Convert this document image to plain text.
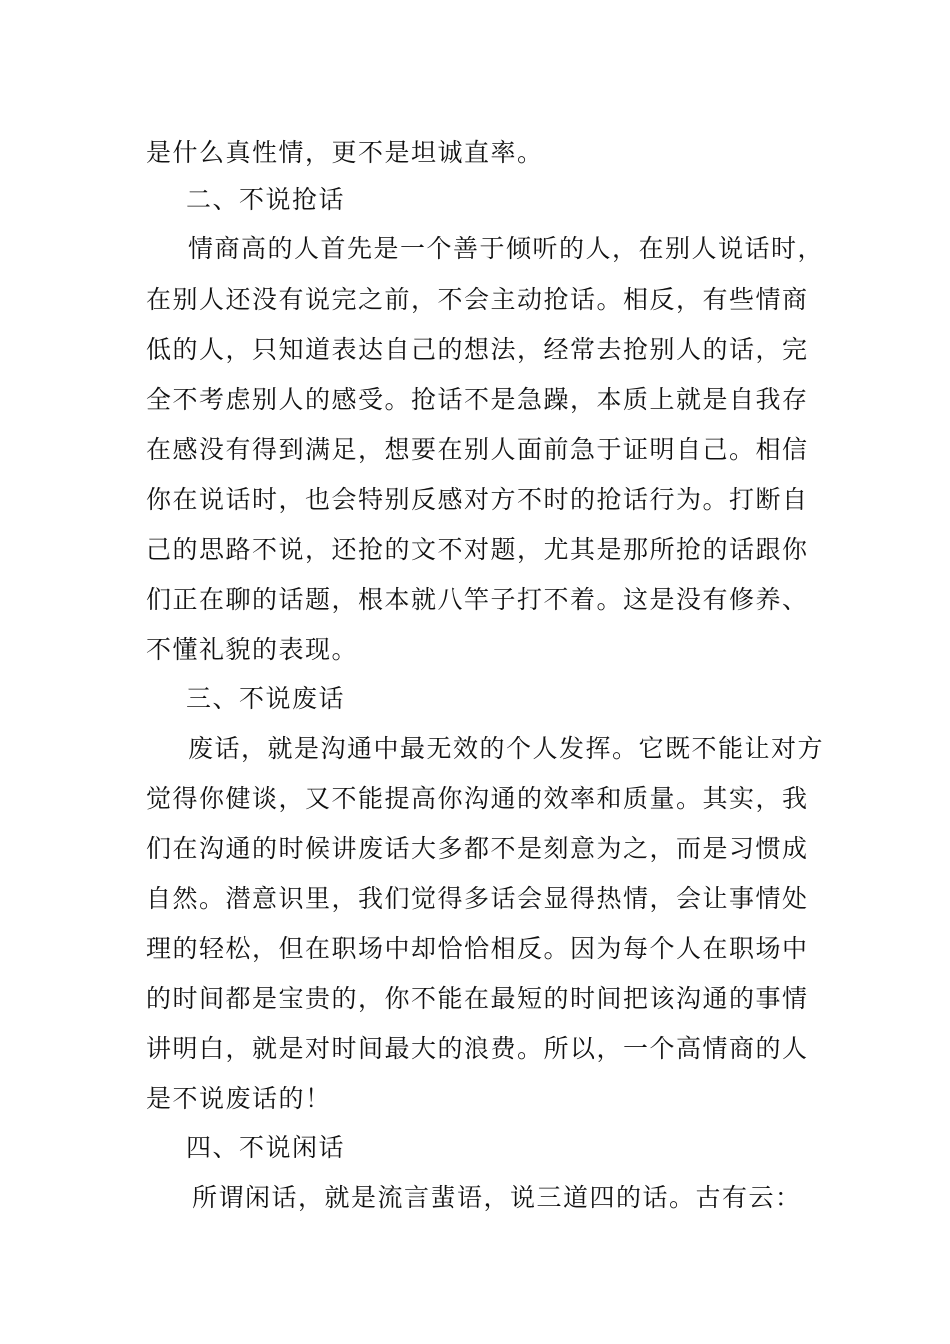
是什么真性情，更不是坦诚直率。
二、不说抢话
情商高的人首先是一个善于倾听的人，在别人说话时，
在别人还没有说完之前，不会主动抢话。相反，有些情商
低的人，只知道表达自己的想法，经常去抢别人的话，完
全不考虑别人的感受。抢话不是急躁，本质上就是自我存
在感没有得到满足，想要在别人面前急于证明自己。相信
你在说话时，也会特别反感对方不时的抢话行为。打断自
己的思路不说，还抢的文不对题，尤其是那所抢的话跟你
们正在聊的话题，根本就八竿子打不着。这是没有修养、
不懂礼貌的表现。
三、不说废话
废话，就是沟通中最无效的个人发挥。它既不能让对方
觉得你健谈，又不能提高你沟通的效率和质量。其实，我
们在沟通的时候讲废话大多都不是刻意为之，而是习惯成
自然。潜意识里，我们觉得多话会显得热情，会让事情处
理的轻松，但在职场中却恰恰相反。因为每个人在职场中
的时间都是宝贵的，你不能在最短的时间把该沟通的事情
讲明白，就是对时间最大的浪费。所以，一个高情商的人
是不说废话的！
四、不说闲话
所谓闲话，就是流言蜚语，说三道四的话。古有云：
